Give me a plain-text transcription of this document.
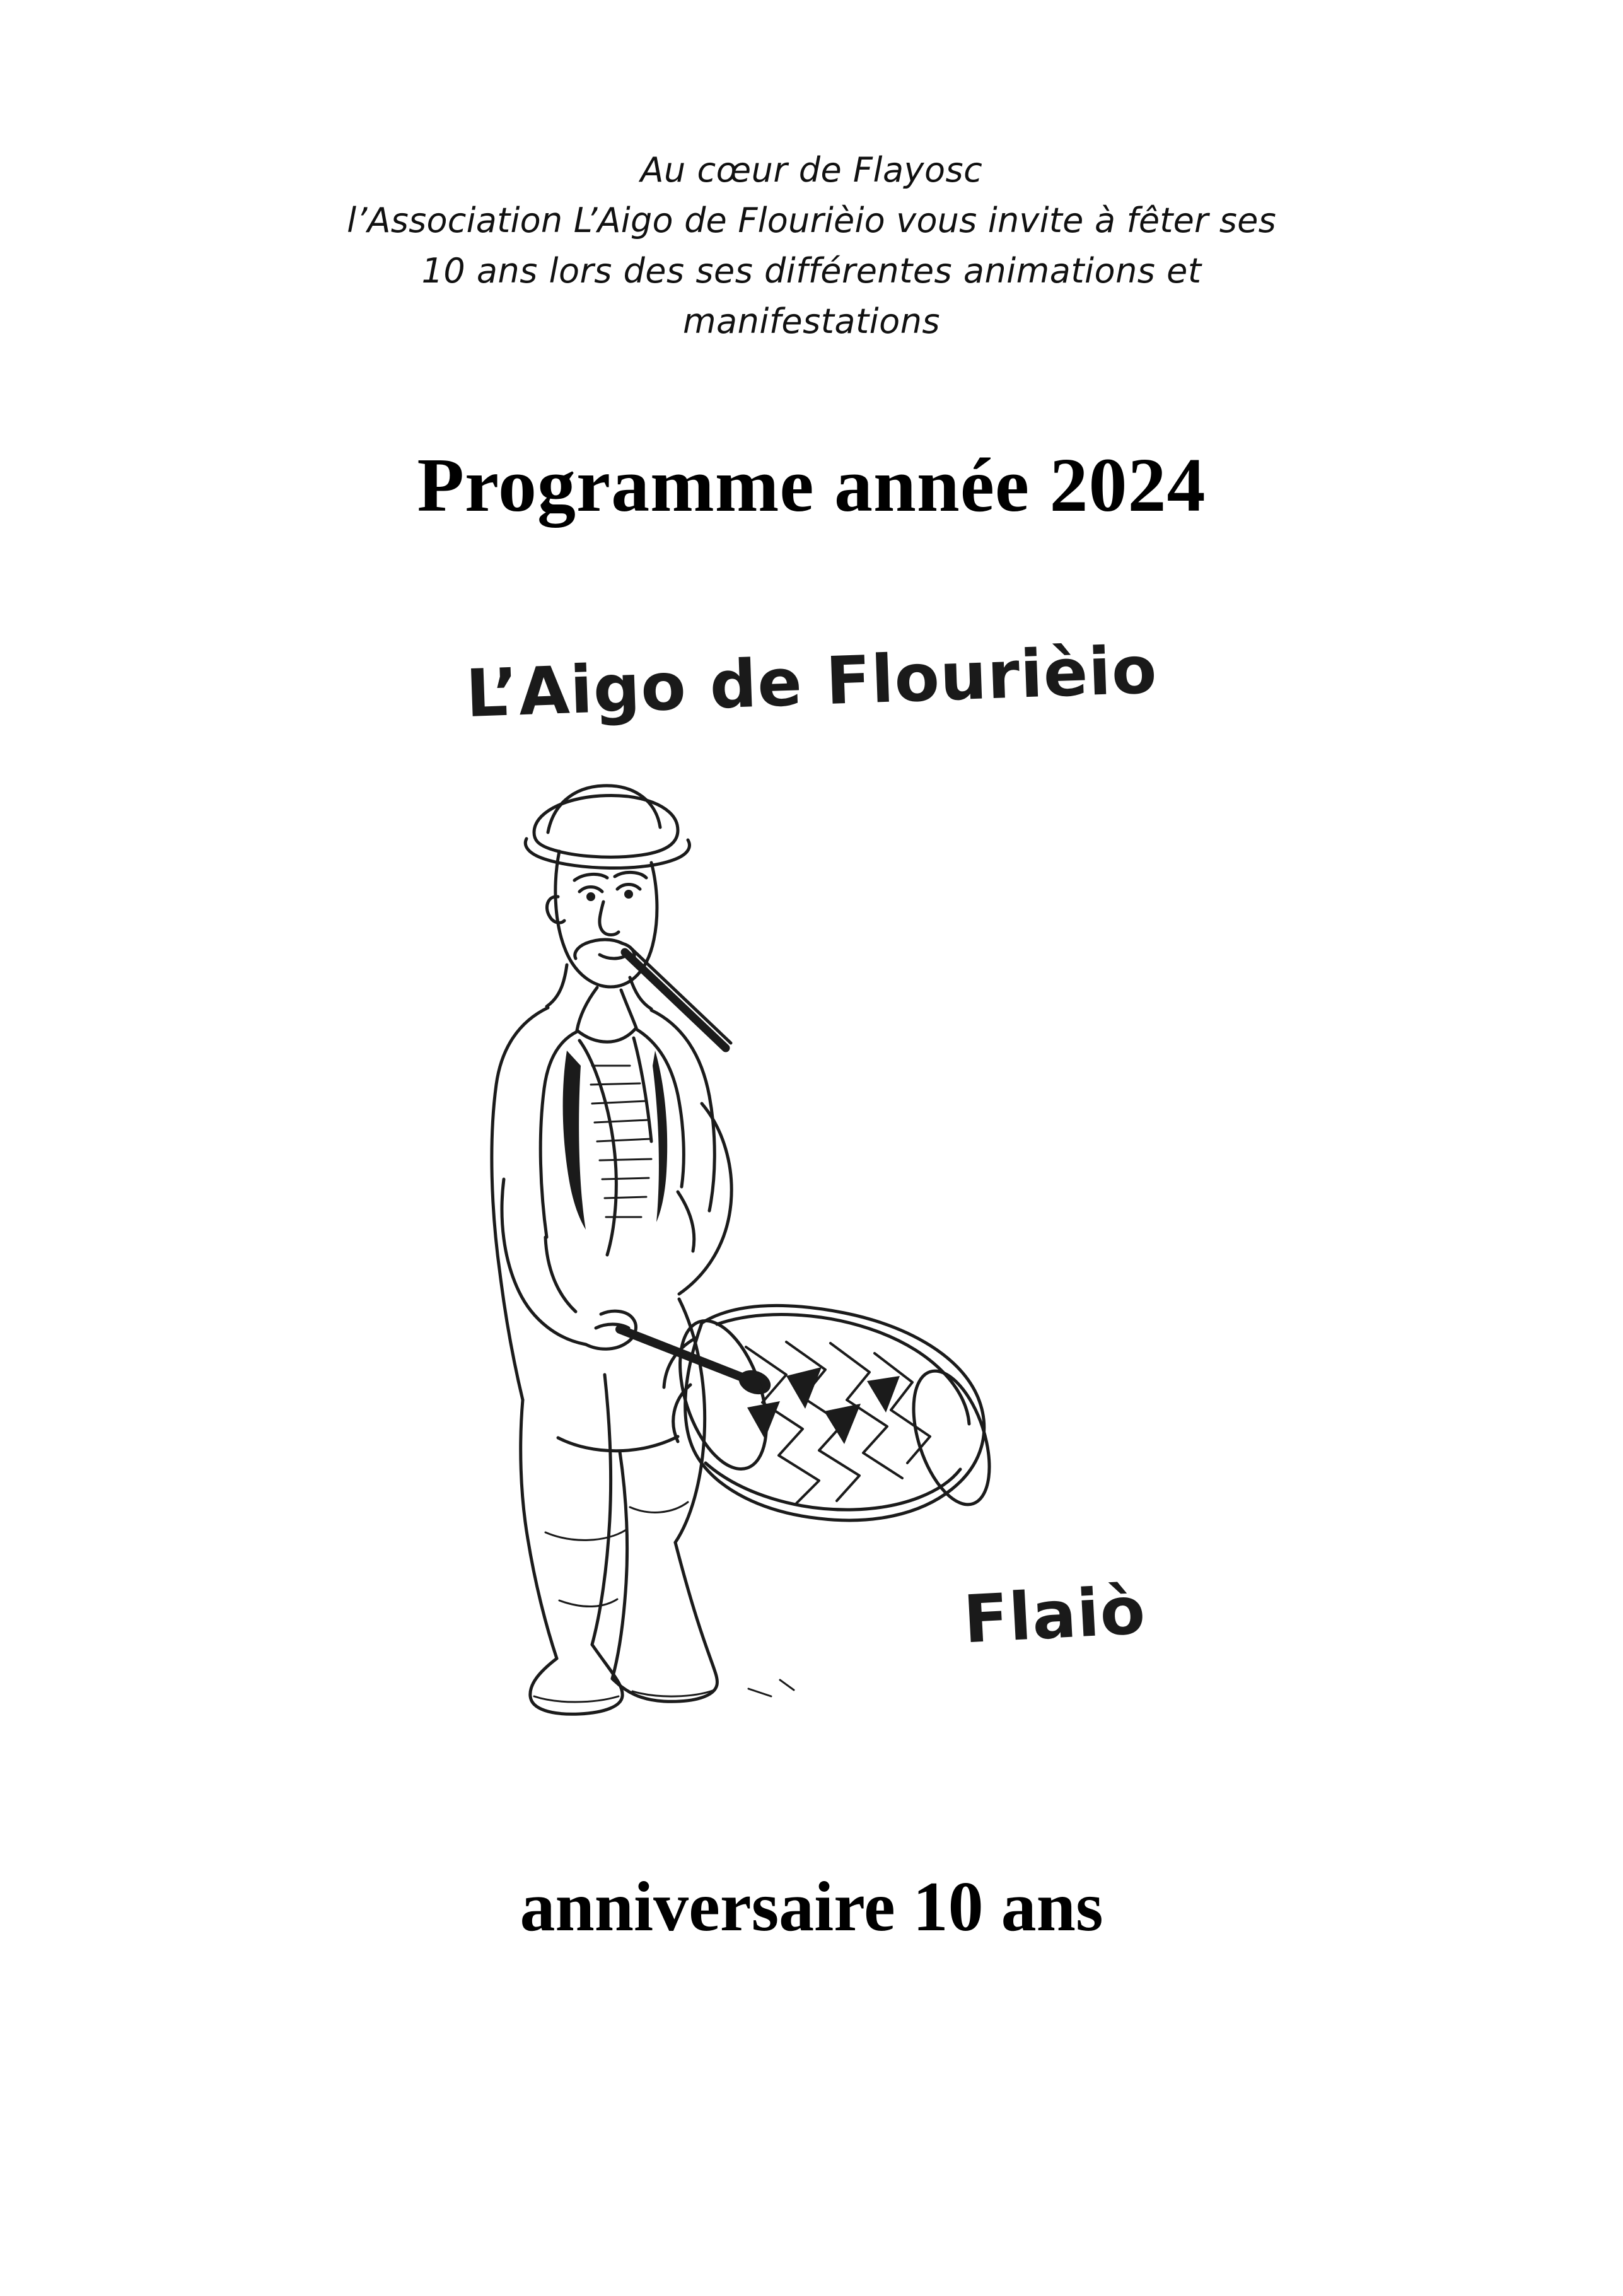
Au cœur de Flayosc
l’Association L’Aigo de Flourièio vous invite à fêter ses
10 ans lors des ses différentes animations et
manifestations
Programme année 2024
L’Aigo de Flourièio
Flaiò
anniversaire 10 ans
